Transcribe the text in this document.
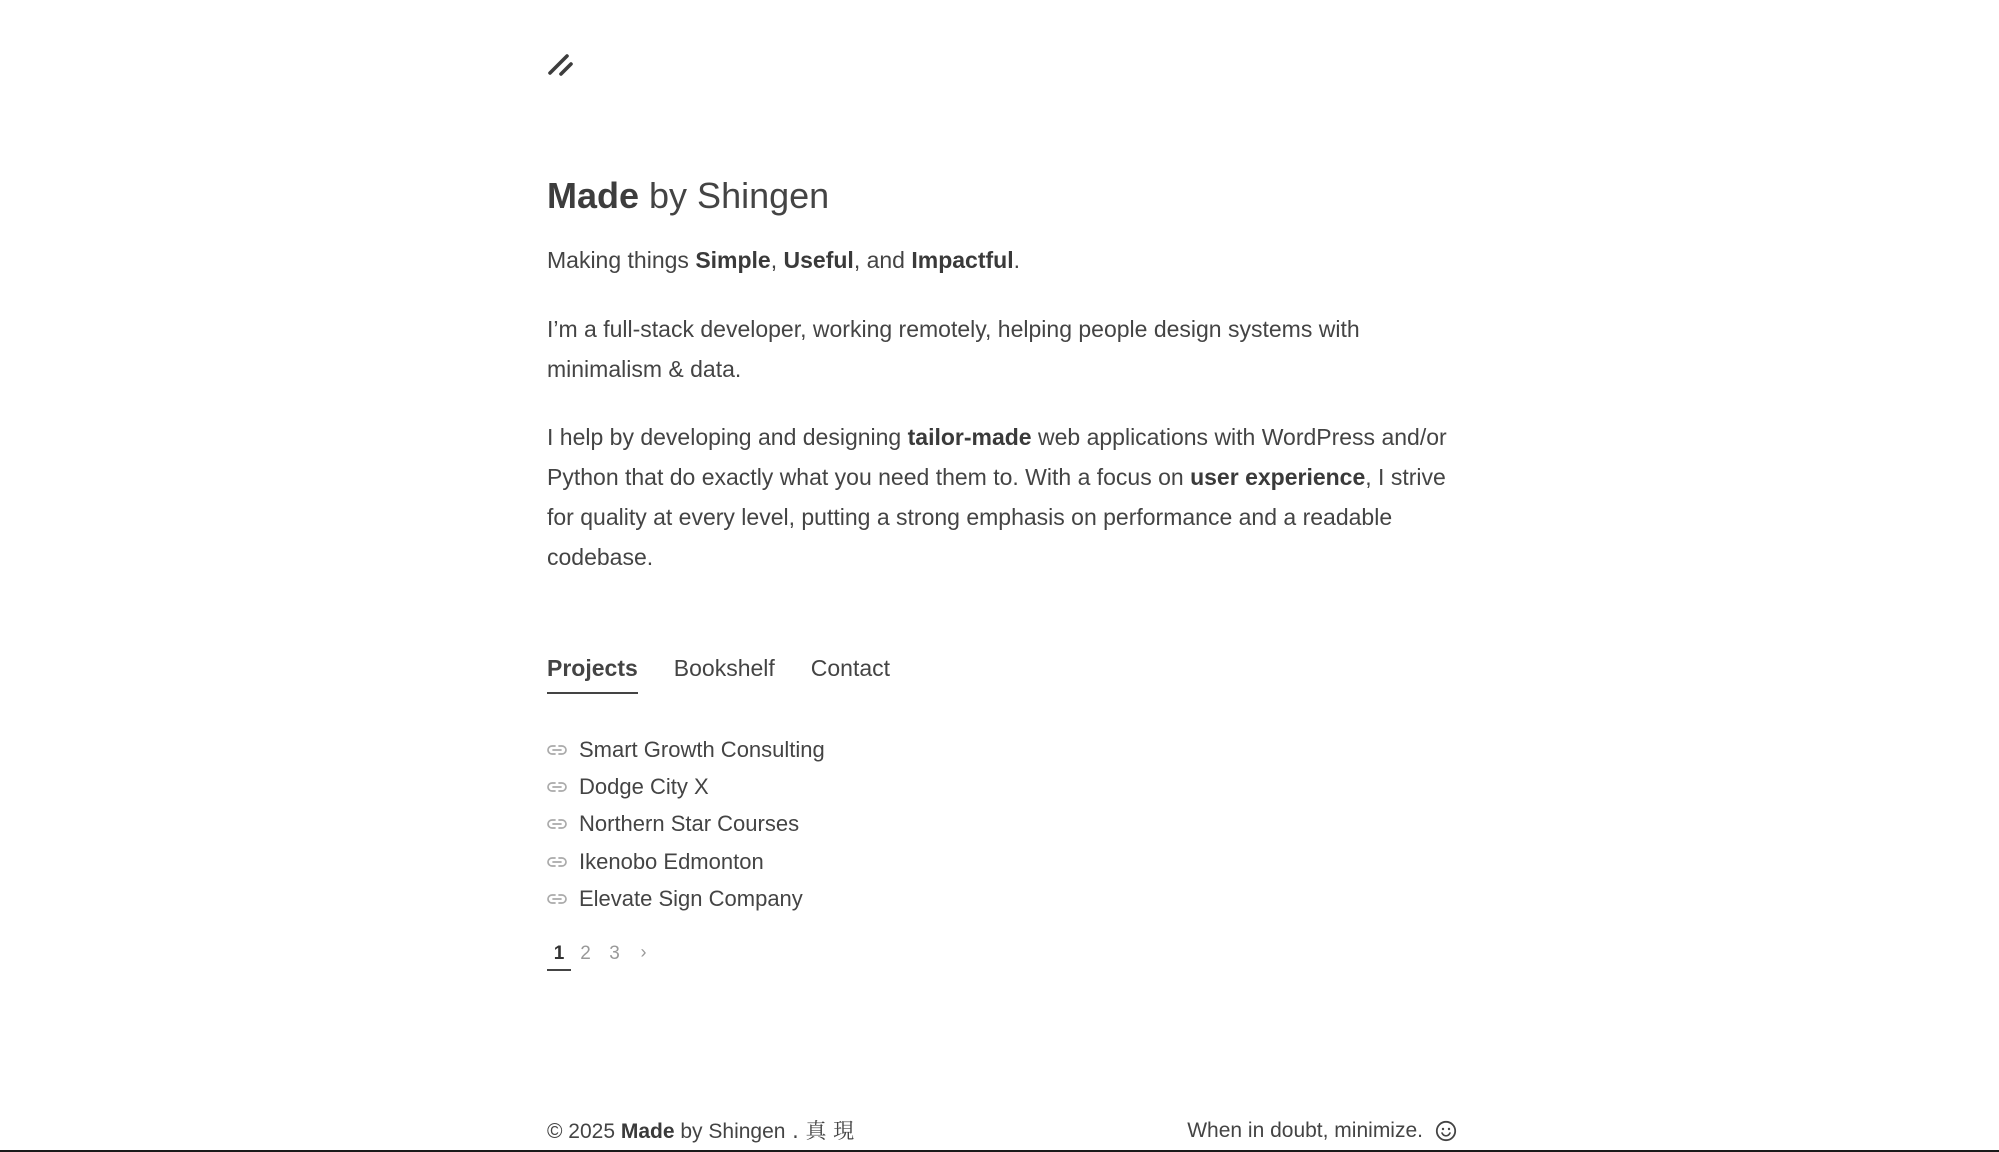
Made by Shingen
Making things Simple, Useful, and Impactful.

I’m a full-stack developer, working remotely, helping people design systems with minimalism & data.

I help by developing and designing tailor-made web applications with WordPress and/or Python that do exactly what you need them to. With a focus on user experience, I strive for quality at every level, putting a strong emphasis on performance and a readable codebase.

Projects Bookshelf Contact
Smart Growth Consulting
Dodge City X
Northern Star Courses
Ikenobo Edmonton
Elevate Sign Company
1 2 3	›
© 2025 Made by Shingen . 真 現	When in doubt, minimize.
